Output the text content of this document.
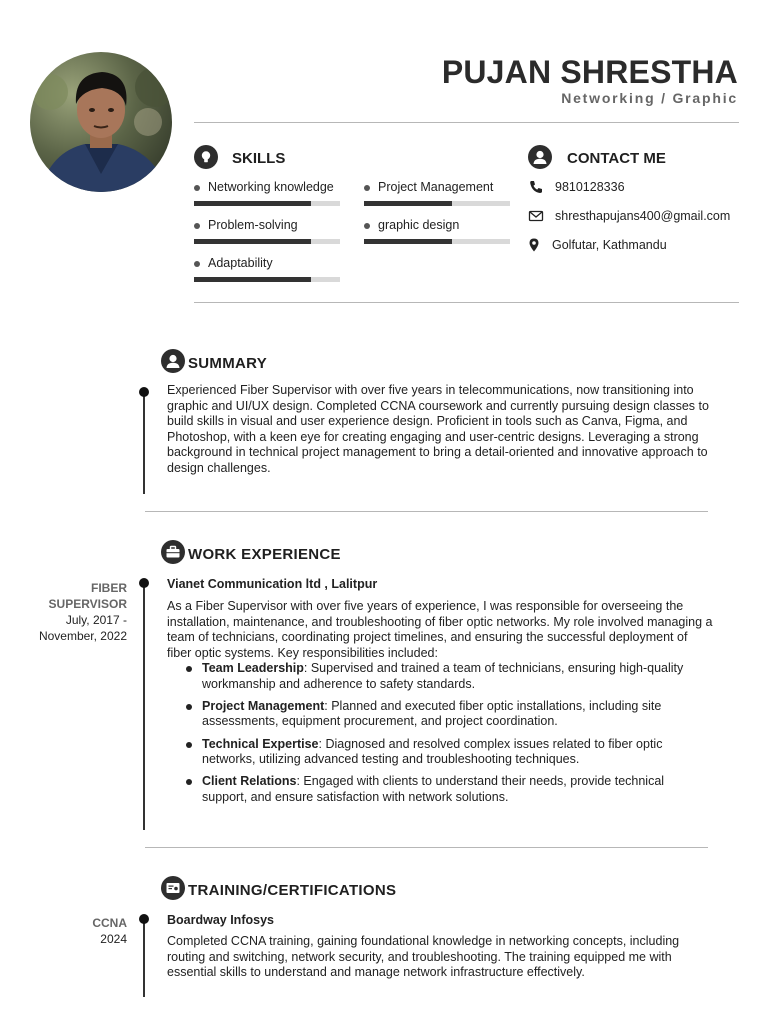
PUJAN SHRESTHA
Networking / Graphic
SKILLS
Networking knowledge	Project Management
Problem-solving	graphic design
Adaptability
CONTACT ME
9810128336
shresthapujans400@gmail.com
Golfutar, Kathmandu
SUMMARY
Experienced Fiber Supervisor with over five years in telecommunications, now transitioning into graphic and UI/UX design. Completed CCNA coursework and currently pursuing design classes to build skills in visual and user experience design. Proficient in tools such as Canva, Figma, and Photoshop, with a keen eye for creating engaging and user-centric designs. Leveraging a strong background in technical project management to bring a detail-oriented and innovative approach to design challenges.
WORK EXPERIENCE
FIBER SUPERVISOR
July, 2017 - November, 2022
Vianet Communication ltd , Lalitpur
As a Fiber Supervisor with over five years of experience, I was responsible for overseeing the installation, maintenance, and troubleshooting of fiber optic networks. My role involved managing a team of technicians, coordinating project timelines, and ensuring the successful deployment of fiber optic systems. Key responsibilities included:
Team Leadership: Supervised and trained a team of technicians, ensuring high-quality workmanship and adherence to safety standards.
Project Management: Planned and executed fiber optic installations, including site assessments, equipment procurement, and project coordination.
Technical Expertise: Diagnosed and resolved complex issues related to fiber optic networks, utilizing advanced testing and troubleshooting techniques.
Client Relations: Engaged with clients to understand their needs, provide technical support, and ensure satisfaction with network solutions.
TRAINING/CERTIFICATIONS
CCNA
2024
Boardway Infosys
Completed CCNA training, gaining foundational knowledge in networking concepts, including routing and switching, network security, and troubleshooting. The training equipped me with essential skills to understand and manage network infrastructure effectively.
